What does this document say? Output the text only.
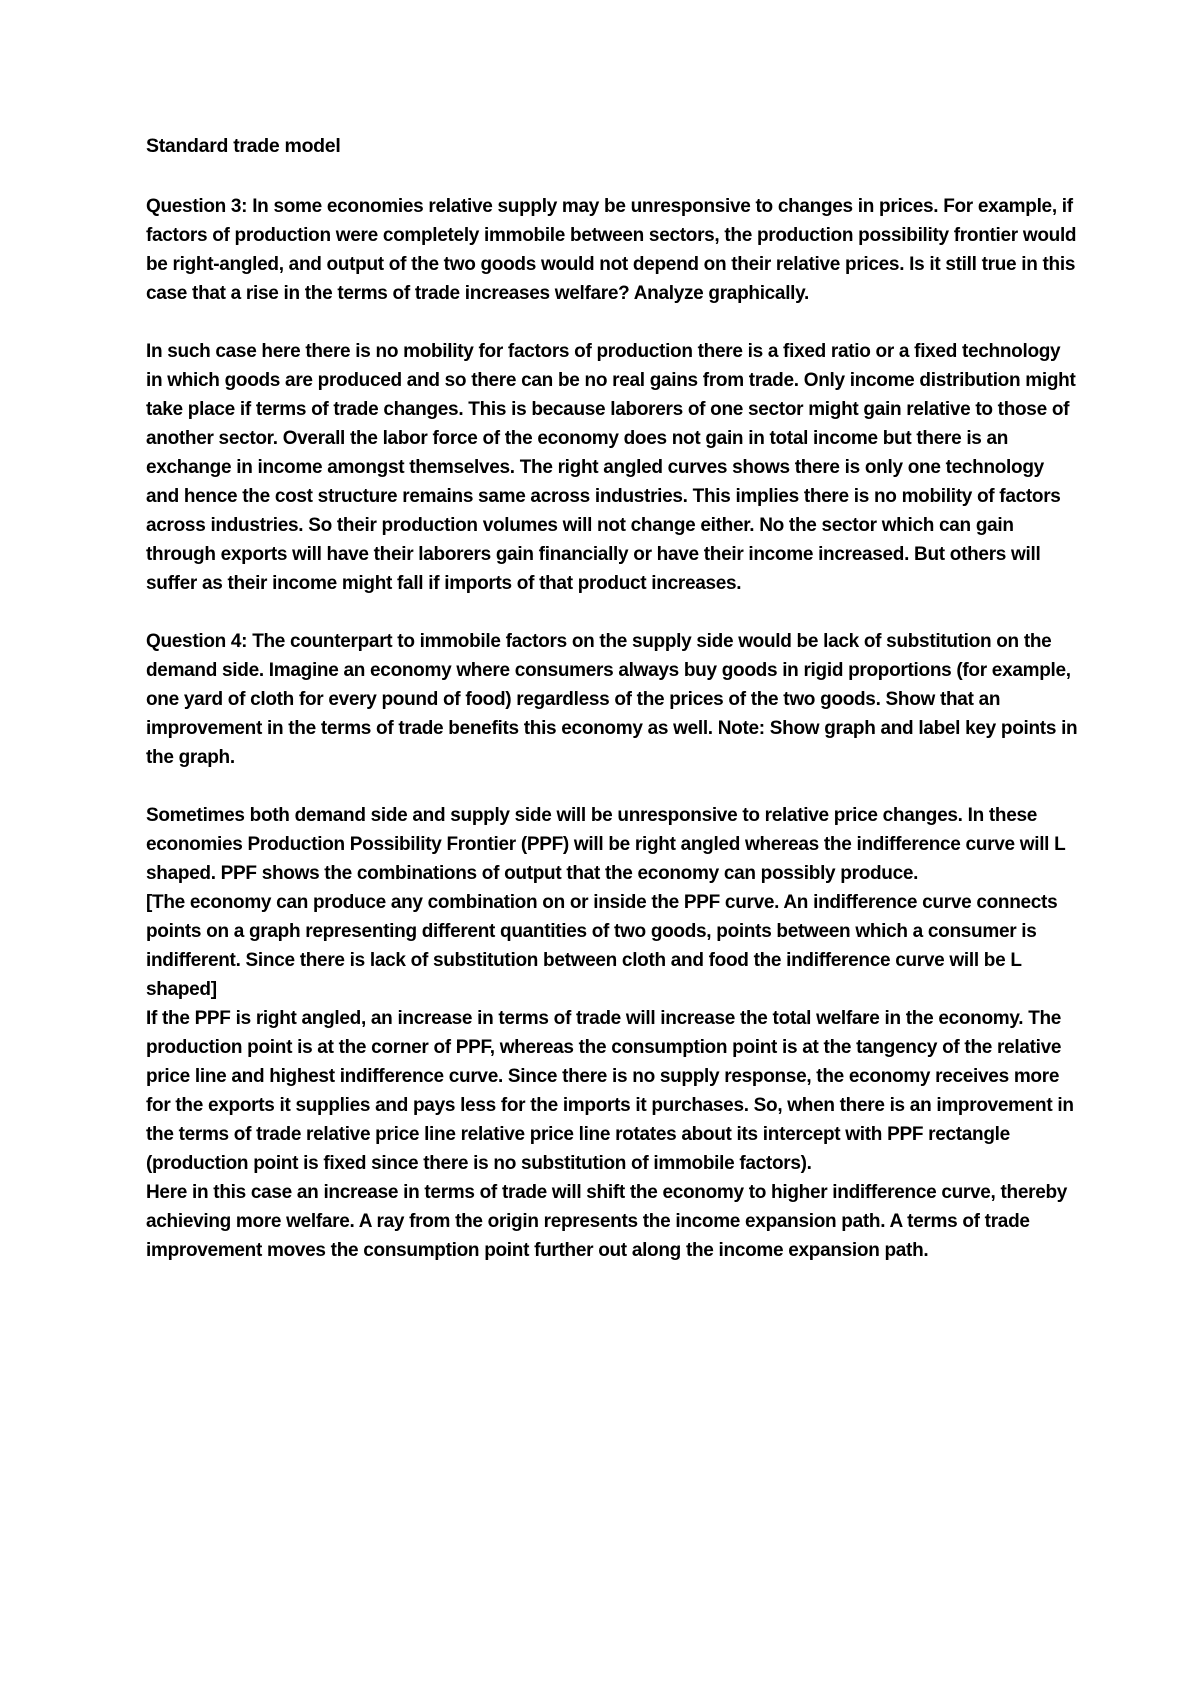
Standard trade model

Question 3: In some economies relative supply may be unresponsive to changes in prices. For example, if factors of production were completely immobile between sectors, the production possibility frontier would be right-angled, and output of the two goods would not depend on their relative prices. Is it still true in this case that a rise in the terms of trade increases welfare? Analyze graphically.

In such case here there is no mobility for factors of production there is a fixed ratio or a fixed technology in which goods are produced and so there can be no real gains from trade. Only income distribution might take place if terms of trade changes. This is because laborers of one sector might gain relative to those of another sector. Overall the labor force of the economy does not gain in total income but there is an exchange in income amongst themselves. The right angled curves shows there is only one technology and hence the cost structure remains same across industries. This implies there is no mobility of factors across industries. So their production volumes will not change either. No the sector which can gain through exports will have their laborers gain financially or have their income increased. But others will suffer as their income might fall if imports of that product increases.

Question 4: The counterpart to immobile factors on the supply side would be lack of substitution on the demand side. Imagine an economy where consumers always buy goods in rigid proportions (for example, one yard of cloth for every pound of food) regardless of the prices of the two goods. Show that an improvement in the terms of trade benefits this economy as well. Note: Show graph and label key points in the graph.

Sometimes both demand side and supply side will be unresponsive to relative price changes. In these economies Production Possibility Frontier (PPF) will be right angled whereas the indifference curve will L shaped. PPF shows the combinations of output that the economy can possibly produce.
[The economy can produce any combination on or inside the PPF curve. An indifference curve connects points on a graph representing different quantities of two goods, points between which a consumer is indifferent. Since there is lack of substitution between cloth and food the indifference curve will be L shaped]
If the PPF is right angled, an increase in terms of trade will increase the total welfare in the economy. The production point is at the corner of PPF, whereas the consumption point is at the tangency of the relative price line and highest indifference curve. Since there is no supply response, the economy receives more for the exports it supplies and pays less for the imports it purchases. So, when there is an improvement in the terms of trade relative price line relative price line rotates about its intercept with PPF rectangle (production point is fixed since there is no substitution of immobile factors).
Here in this case an increase in terms of trade will shift the economy to higher indifference curve, thereby achieving more welfare. A ray from the origin represents the income expansion path. A terms of trade improvement moves the consumption point further out along the income expansion path.
